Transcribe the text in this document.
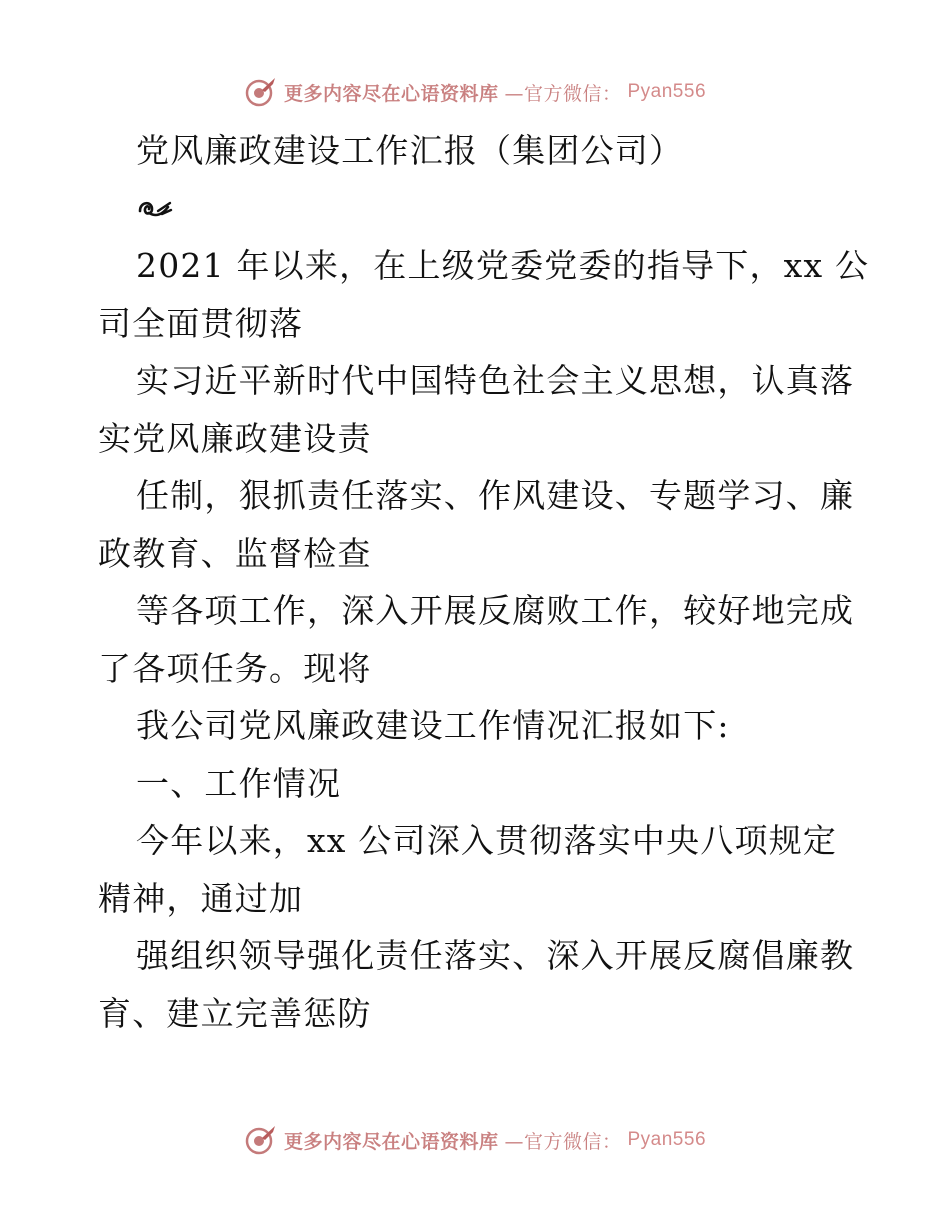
更多内容尽在心语资料库 —官方微信： Pyan556
党风廉政建设工作汇报（集团公司）
2021 年以来，在上级党委党委的指导下，xx 公
司全面贯彻落
实习近平新时代中国特色社会主义思想，认真落
实党风廉政建设责
任制，狠抓责任落实、作风建设、专题学习、廉
政教育、监督检查
等各项工作，深入开展反腐败工作，较好地完成
了各项任务。现将
我公司党风廉政建设工作情况汇报如下:
一、工作情况
今年以来，xx 公司深入贯彻落实中央八项规定
精神，通过加
强组织领导强化责任落实、深入开展反腐倡廉教
育、建立完善惩防
更多内容尽在心语资料库 —官方微信： Pyan556
